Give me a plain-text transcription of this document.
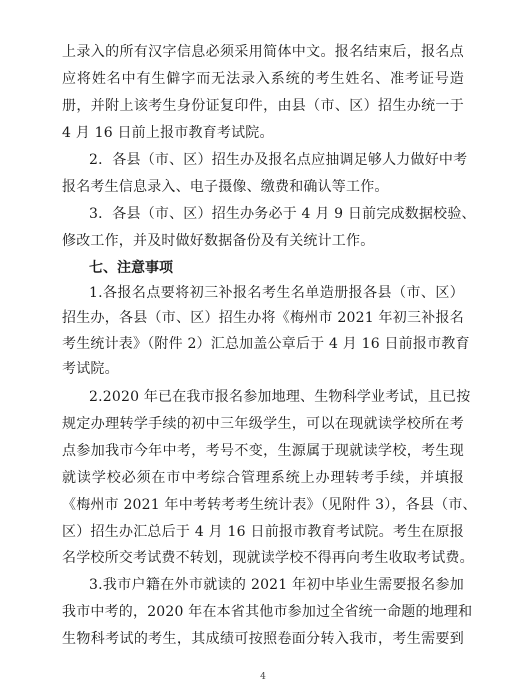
上录入的所有汉字信息必须采用简体中文。报名结束后，报名点
应将姓名中有生僻字而无法录入系统的考生姓名、准考证号造
册，并附上该考生身份证复印件，由县（市、区）招生办统一于
4 月 16 日前上报市教育考试院。
2．各县（市、区）招生办及报名点应抽调足够人力做好中考
报名考生信息录入、电子摄像、缴费和确认等工作。
3．各县（市、区）招生办务必于 4 月 9 日前完成数据校验、
修改工作，并及时做好数据备份及有关统计工作。
七、注意事项
1.各报名点要将初三补报名考生名单造册报各县（市、区）
招生办，各县（市、区）招生办将《梅州市 2021 年初三补报名
考生统计表》（附件 2）汇总加盖公章后于 4 月 16 日前报市教育
考试院。
2.2020 年已在我市报名参加地理、生物科学业考试，且已按
规定办理转学手续的初中三年级学生，可以在现就读学校所在考
点参加我市今年中考，考号不变，生源属于现就读学校，考生现
就读学校必须在市中考综合管理系统上办理转考手续，并填报
《梅州市 2021 年中考转考考生统计表》（见附件 3），各县（市、
区）招生办汇总后于 4 月 16 日前报市教育考试院。考生在原报
名学校所交考试费不转划，现就读学校不得再向考生收取考试费。
3.我市户籍在外市就读的 2021 年初中毕业生需要报名参加
我市中考的，2020 年在本省其他市参加过全省统一命题的地理和
生物科考试的考生，其成绩可按照卷面分转入我市，考生需要到
4
